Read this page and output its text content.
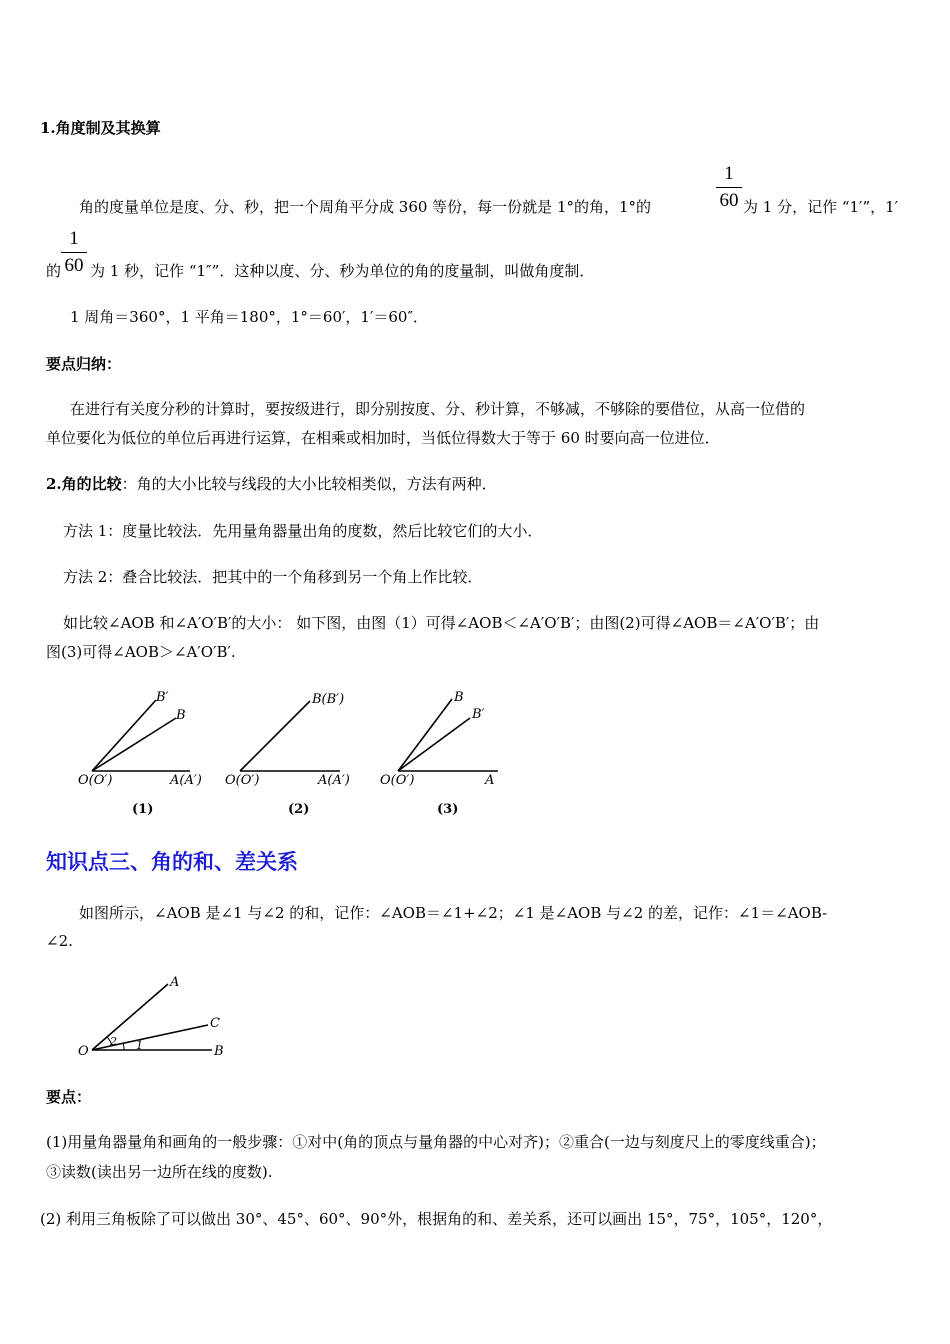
1.角度制及其换算
1
60
角的度量单位是度、分、秒，把一个周角平分成 360 等份，每一份就是 1°的角，1°的	为 1 分，记作 “1′”，1′
1
60
的 为 1 秒，记作 “1″”．这种以度、分、秒为单位的角的度量制，叫做角度制．
1 周角＝360°，1 平角＝180°，1°＝60′，1′＝60″．
要点归纳：
在进行有关度分秒的计算时，要按级进行，即分别按度、分、秒计算，不够减，不够除的要借位，从高一位借的
单位要化为低位的单位后再进行运算，在相乘或相加时，当低位得数大于等于 60 时要向高一位进位．
2.角的比较：角的大小比较与线段的大小比较相类似，方法有两种．
方法 1：度量比较法．先用量角器量出角的度数，然后比较它们的大小．
方法 2：叠合比较法．把其中的一个角移到另一个角上作比较．
如比较∠AOB 和∠A′O′B′的大小： 如下图，由图（1）可得∠AOB＜∠A′O′B′；由图(2)可得∠AOB＝∠A′O′B′；由
图(3)可得∠AOB＞∠A′O′B′.
B′
B
O(O′)	A(A′)
(1)
B(B′)
O(O′)	A(A′)
(2)
B
B′
O(O′)	A
(3)
知识点三、角的和、差关系
如图所示，∠AOB 是∠1 与∠2 的和，记作：∠AOB＝∠1+∠2；∠1 是∠AOB 与∠2 的差，记作：∠1＝∠AOB-
∠2.
A
C
B
O	1
2
要点：
(1)用量角器量角和画角的一般步骤：①对中(角的顶点与量角器的中心对齐)；②重合(一边与刻度尺上的零度线重合)；
③读数(读出另一边所在线的度数).
(2) 利用三角板除了可以做出 30°、45°、60°、90°外，根据角的和、差关系，还可以画出 15°，75°，105°，120°，
